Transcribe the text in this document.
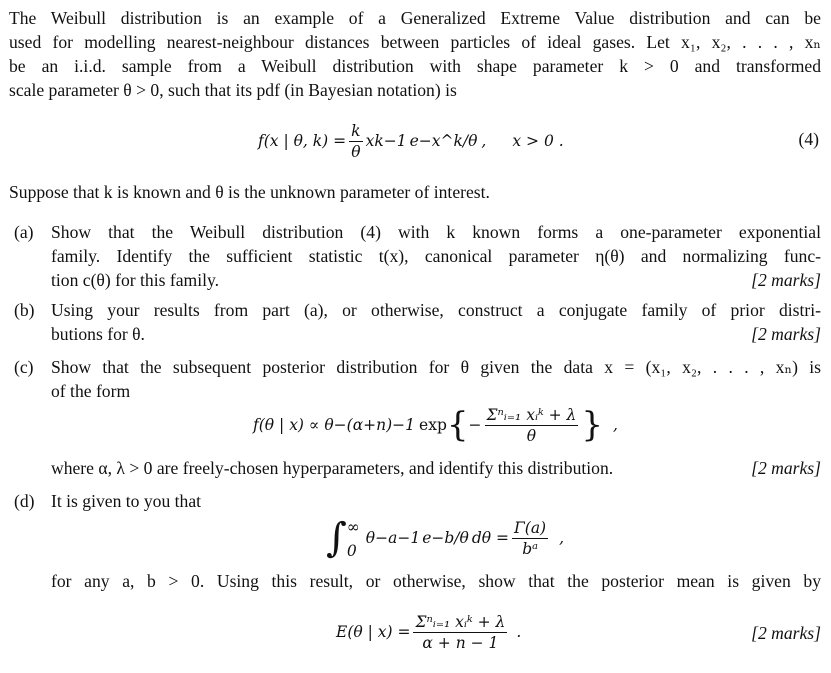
The Weibull distribution is an example of a Generalized Extreme Value distribution and can be
used for modelling nearest-neighbour distances between particles of ideal gases. Let x₁, x₂, . . . , xₙ
be an i.i.d. sample from a Weibull distribution with shape parameter k > 0 and transformed
scale parameter θ > 0, such that its pdf (in Bayesian notation) is
f(x | θ, $k) = \frac{k}{\theta}$ x k−1 e −x^k/θ , x > 0 .	(4)
Suppose that k is known and θ is the unknown parameter of interest.
(a) Show that the Weibull distribution (4) with k known forms a one-parameter exponential
family. Identify the sufficient statistic t(x), canonical parameter η(θ) and normalizing func-
tion c(θ) for this family.	[2 marks]
(b) Using your results from part (a), or otherwise, construct a conjugate family of prior distri-
butions for θ.	[2 marks]
(c) Show that the subsequent posterior distribution for θ given the data x = (x₁, x₂, . . . , xₙ) is
of the form
f(θ | x) ∝ θ −(α+n)−1 exp { − $\frac{\text{Σⁿᵢ₌₁ xᵢᵏ + λ}}{\theta}$ } ,
where α, λ > 0 are freely-chosen hyperparameters, and identify this distribution.	[2 marks]
(d) It is given to you that
∫ ∞
0
θ −a−1 e −b/θ $d\theta = \frac{\Gamma(a)}{\text{bᵃ}}$ ,
for any a, b > 0. Using this result, or otherwise, show that the posterior mean is given by
E(θ | $x) = \frac{\text{Σⁿᵢ₌₁ xᵢᵏ + λ}}{\alpha + n - 1}$ .	[2 marks]
